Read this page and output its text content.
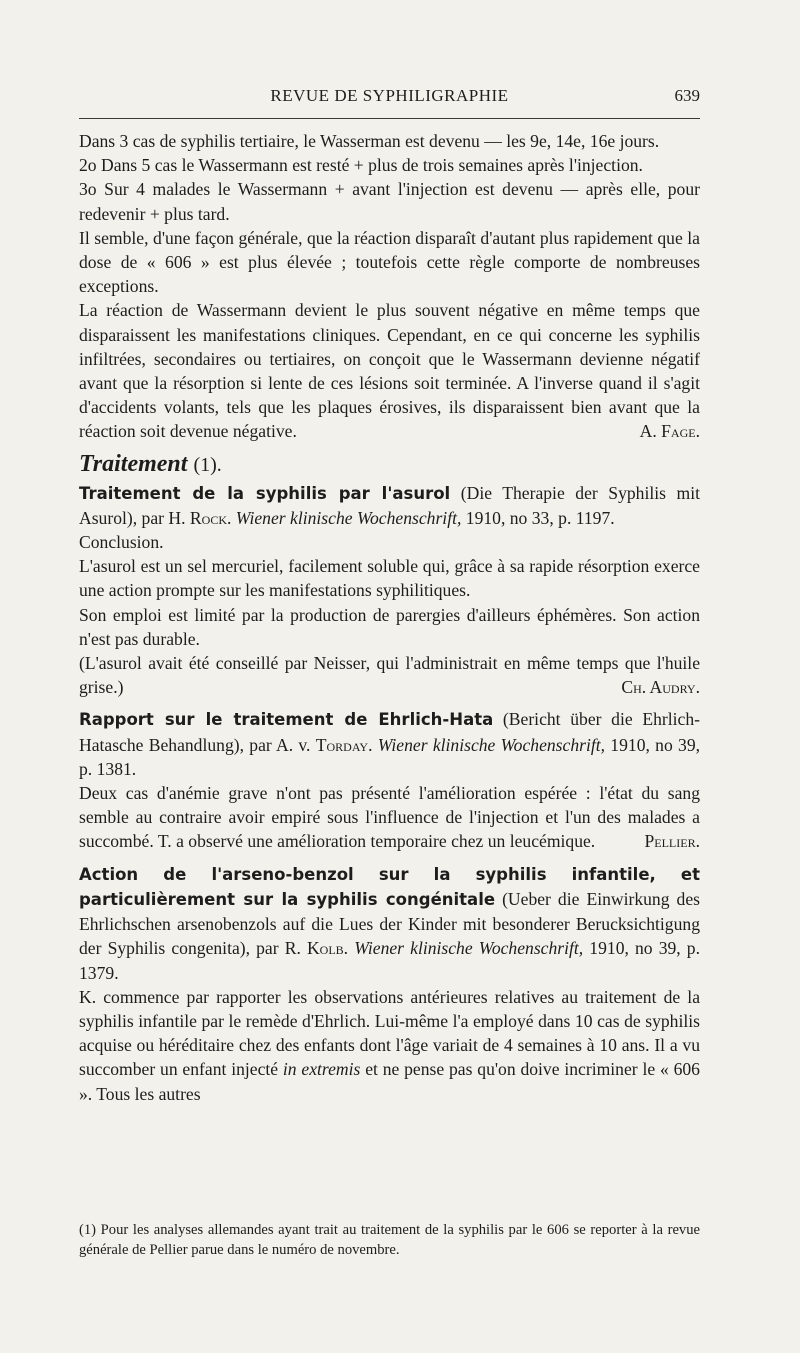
REVUE DE SYPHILIGRAPHIE	639

Dans 3 cas de syphilis tertiaire, le Wasserman est devenu — les 9e, 14e, 16e jours.

2o Dans 5 cas le Wassermann est resté + plus de trois semaines après l'injection.

3o Sur 4 malades le Wassermann + avant l'injection est devenu — après elle, pour redevenir + plus tard.

Il semble, d'une façon générale, que la réaction disparaît d'autant plus rapidement que la dose de « 606 » est plus élevée ; toutefois cette règle comporte de nombreuses exceptions.

La réaction de Wassermann devient le plus souvent négative en même temps que disparaissent les manifestations cliniques. Cependant, en ce qui concerne les syphilis infiltrées, secondaires ou tertiaires, on conçoit que le Wassermann devienne négatif avant que la résorption si lente de ces lésions soit terminée. A l'inverse quand il s'agit d'accidents volants, tels que les plaques érosives, ils disparaissent bien avant que la réaction soit devenue négative.	A. Fage.

Traitement (1).

Traitement de la syphilis par l'asurol (Die Therapie der Syphilis mit Asurol), par H. Rock. Wiener klinische Wochenschrift, 1910, no 33, p. 1197.

Conclusion.

L'asurol est un sel mercuriel, facilement soluble qui, grâce à sa rapide résorption exerce une action prompte sur les manifestations syphilitiques.

Son emploi est limité par la production de parergies d'ailleurs éphémères. Son action n'est pas durable.

(L'asurol avait été conseillé par Neisser, qui l'administrait en même temps que l'huile grise.)	Ch. Audry.

Rapport sur le traitement de Ehrlich-Hata (Bericht über die Ehrlich-Hatasche Behandlung), par A. v. Torday. Wiener klinische Wochenschrift, 1910, no 39, p. 1381.

Deux cas d'anémie grave n'ont pas présenté l'amélioration espérée : l'état du sang semble au contraire avoir empiré sous l'influence de l'injection et l'un des malades a succombé. T. a observé une amélioration temporaire chez un leucémique.	Pellier.

Action de l'arseno-benzol sur la syphilis infantile, et particulièrement sur la syphilis congénitale (Ueber die Einwirkung des Ehrlichschen arsenobenzols auf die Lues der Kinder mit besonderer Berucksichtigung der Syphilis congenita), par R. Kolb. Wiener klinische Wochenschrift, 1910, no 39, p. 1379.

K. commence par rapporter les observations antérieures relatives au traitement de la syphilis infantile par le remède d'Ehrlich. Lui-même l'a employé dans 10 cas de syphilis acquise ou héréditaire chez des enfants dont l'âge variait de 4 semaines à 10 ans. Il a vu succomber un enfant injecté in extremis et ne pense pas qu'on doive incriminer le « 606 ». Tous les autres

(1) Pour les analyses allemandes ayant trait au traitement de la syphilis par le 606 se reporter à la revue générale de Pellier parue dans le numéro de novembre.
